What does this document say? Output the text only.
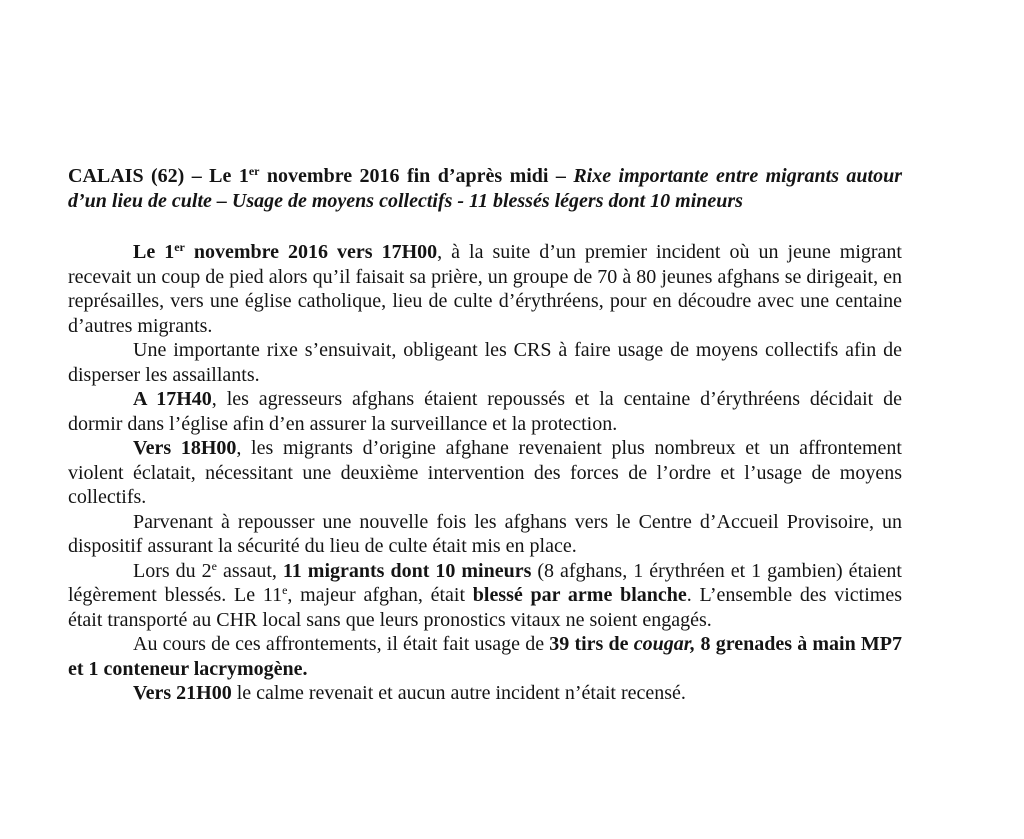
CALAIS (62) – Le 1er novembre 2016 fin d’après midi – Rixe importante entre migrants autour d’un lieu de culte – Usage de moyens collectifs - 11 blessés légers dont 10 mineurs

Le 1er novembre 2016 vers 17H00, à la suite d’un premier incident où un jeune migrant recevait un coup de pied alors qu’il faisait sa prière, un groupe de 70 à 80 jeunes afghans se dirigeait, en représailles, vers une église catholique, lieu de culte d’érythréens, pour en découdre avec une centaine d’autres migrants.

Une importante rixe s’ensuivait, obligeant les CRS à faire usage de moyens collectifs afin de disperser les assaillants.

A 17H40, les agresseurs afghans étaient repoussés et la centaine d’érythréens décidait de dormir dans l’église afin d’en assurer la surveillance et la protection.

Vers 18H00, les migrants d’origine afghane revenaient plus nombreux et un affrontement violent éclatait, nécessitant une deuxième intervention des forces de l’ordre et l’usage de moyens collectifs.

Parvenant à repousser une nouvelle fois les afghans vers le Centre d’Accueil Provisoire, un dispositif assurant la sécurité du lieu de culte était mis en place.

Lors du 2e assaut, 11 migrants dont 10 mineurs (8 afghans, 1 érythréen et 1 gambien) étaient légèrement blessés. Le 11e, majeur afghan, était blessé par arme blanche. L’ensemble des victimes était transporté au CHR local sans que leurs pronostics vitaux ne soient engagés.

Au cours de ces affrontements, il était fait usage de 39 tirs de cougar, 8 grenades à main MP7 et 1 conteneur lacrymogène.

Vers 21H00 le calme revenait et aucun autre incident n’était recensé.
